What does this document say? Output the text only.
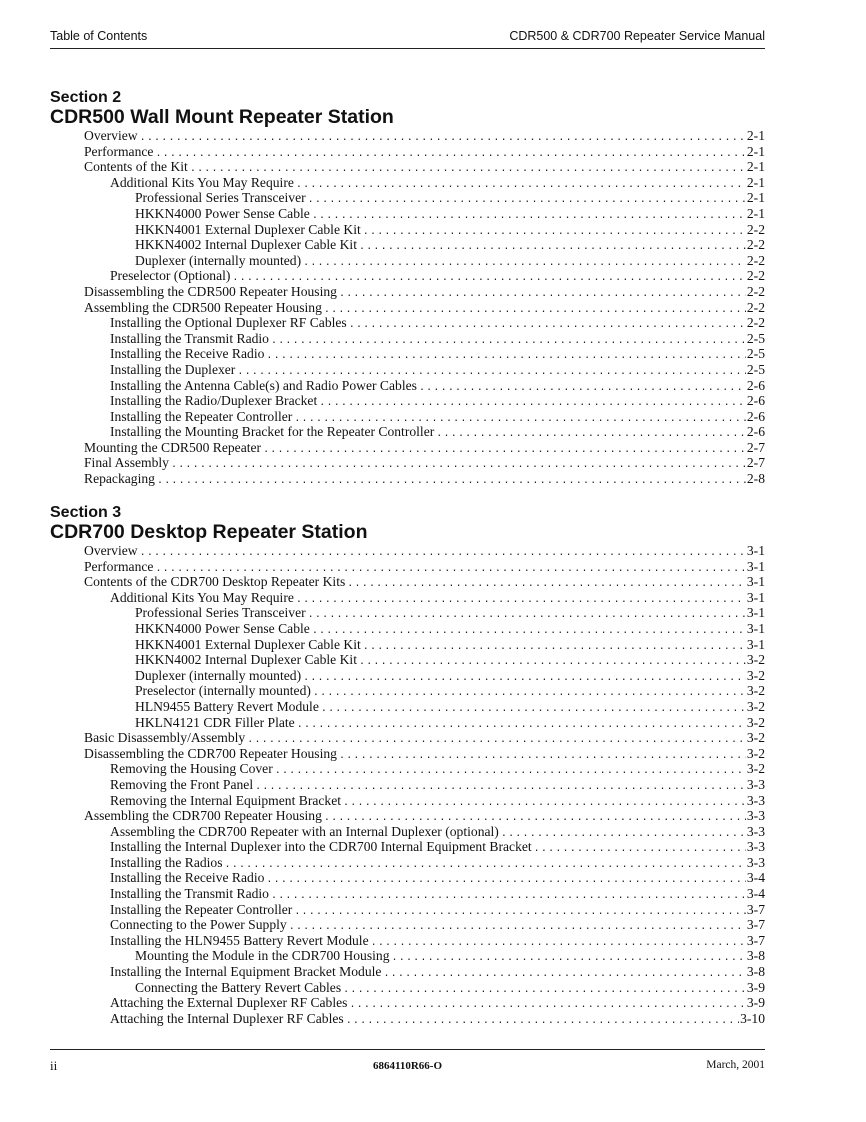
Table of Contents	CDR500 & CDR700 Repeater Service Manual
Section 2
CDR500 Wall Mount Repeater Station
Overview .....	2-1
Performance .....	2-1
Contents of the Kit .....	2-1
Additional Kits You May Require .....	2-1
Professional Series Transceiver .....	2-1
HKKN4000 Power Sense Cable .....	2-1
HKKN4001 External Duplexer Cable Kit .....	2-2
HKKN4002 Internal Duplexer Cable Kit .....	2-2
Duplexer (internally mounted) .....	2-2
Preselector (Optional) .....	2-2
Disassembling the CDR500 Repeater Housing .....	2-2
Assembling the CDR500 Repeater Housing .....	2-2
Installing the Optional Duplexer RF Cables .....	2-2
Installing the Transmit Radio .....	2-5
Installing the Receive Radio .....	2-5
Installing the Duplexer .....	2-5
Installing the Antenna Cable(s) and Radio Power Cables .....	2-6
Installing the Radio/Duplexer Bracket .....	2-6
Installing the Repeater Controller .....	2-6
Installing the Mounting Bracket for the Repeater Controller .....	2-6
Mounting the CDR500 Repeater .....	2-7
Final Assembly .....	2-7
Repackaging .....	2-8
Section 3
CDR700 Desktop Repeater Station
Overview .....	3-1
Performance .....	3-1
Contents of the CDR700 Desktop Repeater Kits .....	3-1
Additional Kits You May Require .....	3-1
Professional Series Transceiver .....	3-1
HKKN4000 Power Sense Cable .....	3-1
HKKN4001 External Duplexer Cable Kit .....	3-1
HKKN4002 Internal Duplexer Cable Kit .....	3-2
Duplexer (internally mounted) .....	3-2
Preselector (internally mounted) .....	3-2
HLN9455 Battery Revert Module .....	3-2
HKLN4121 CDR Filler Plate .....	3-2
Basic Disassembly/Assembly .....	3-2
Disassembling the CDR700 Repeater Housing .....	3-2
Removing the Housing Cover .....	3-2
Removing the Front Panel .....	3-3
Removing the Internal Equipment Bracket .....	3-3
Assembling the CDR700 Repeater Housing .....	3-3
Assembling the CDR700 Repeater with an Internal Duplexer (optional) .....	3-3
Installing the Internal Duplexer into the CDR700 Internal Equipment Bracket .....	3-3
Installing the Radios .....	3-3
Installing the Receive Radio .....	3-4
Installing the Transmit Radio .....	3-4
Installing the Repeater Controller .....	3-7
Connecting to the Power Supply .....	3-7
Installing the HLN9455 Battery Revert Module .....	3-7
Mounting the Module in the CDR700 Housing .....	3-8
Installing the Internal Equipment Bracket Module .....	3-8
Connecting the Battery Revert Cables .....	3-9
Attaching the External Duplexer RF Cables .....	3-9
Attaching the Internal Duplexer RF Cables .....	3-10
ii	6864110R66-O	March, 2001
